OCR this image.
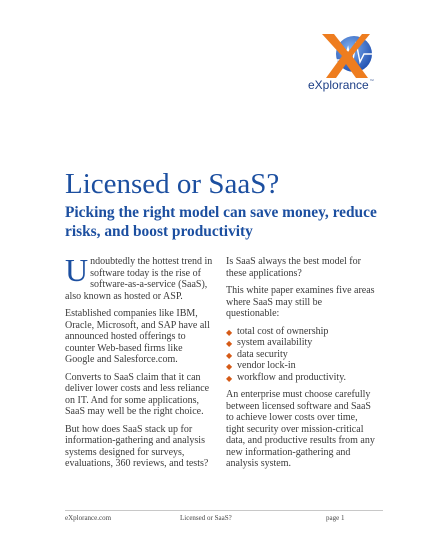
eXplorance™
Licensed or SaaS?
Picking the right model can save money, reduce risks, and boost productivity

Undoubtedly the hottest trend in software today is the rise of software-as-a-service (SaaS), also known as hosted or ASP.

Established companies like IBM, Oracle, Microsoft, and SAP have all announced hosted offerings to counter Web-based firms like Google and Salesforce.com.

Converts to SaaS claim that it can deliver lower costs and less reliance on IT. And for some applications, SaaS may well be the right choice.

But how does SaaS stack up for information-gathering and analysis systems designed for surveys, evaluations, 360 reviews, and tests?

Is SaaS always the best model for these applications?

This white paper examines five areas where SaaS may still be questionable:

◆ total cost of ownership
◆ system availability
◆ data security
◆ vendor lock-in
◆ workflow and productivity.

An enterprise must choose carefully between licensed software and SaaS to achieve lower costs over time, tight security over mission-critical data, and productive results from any new information-gathering and analysis system.

eXplorance.com	Licensed or SaaS?	page 1
